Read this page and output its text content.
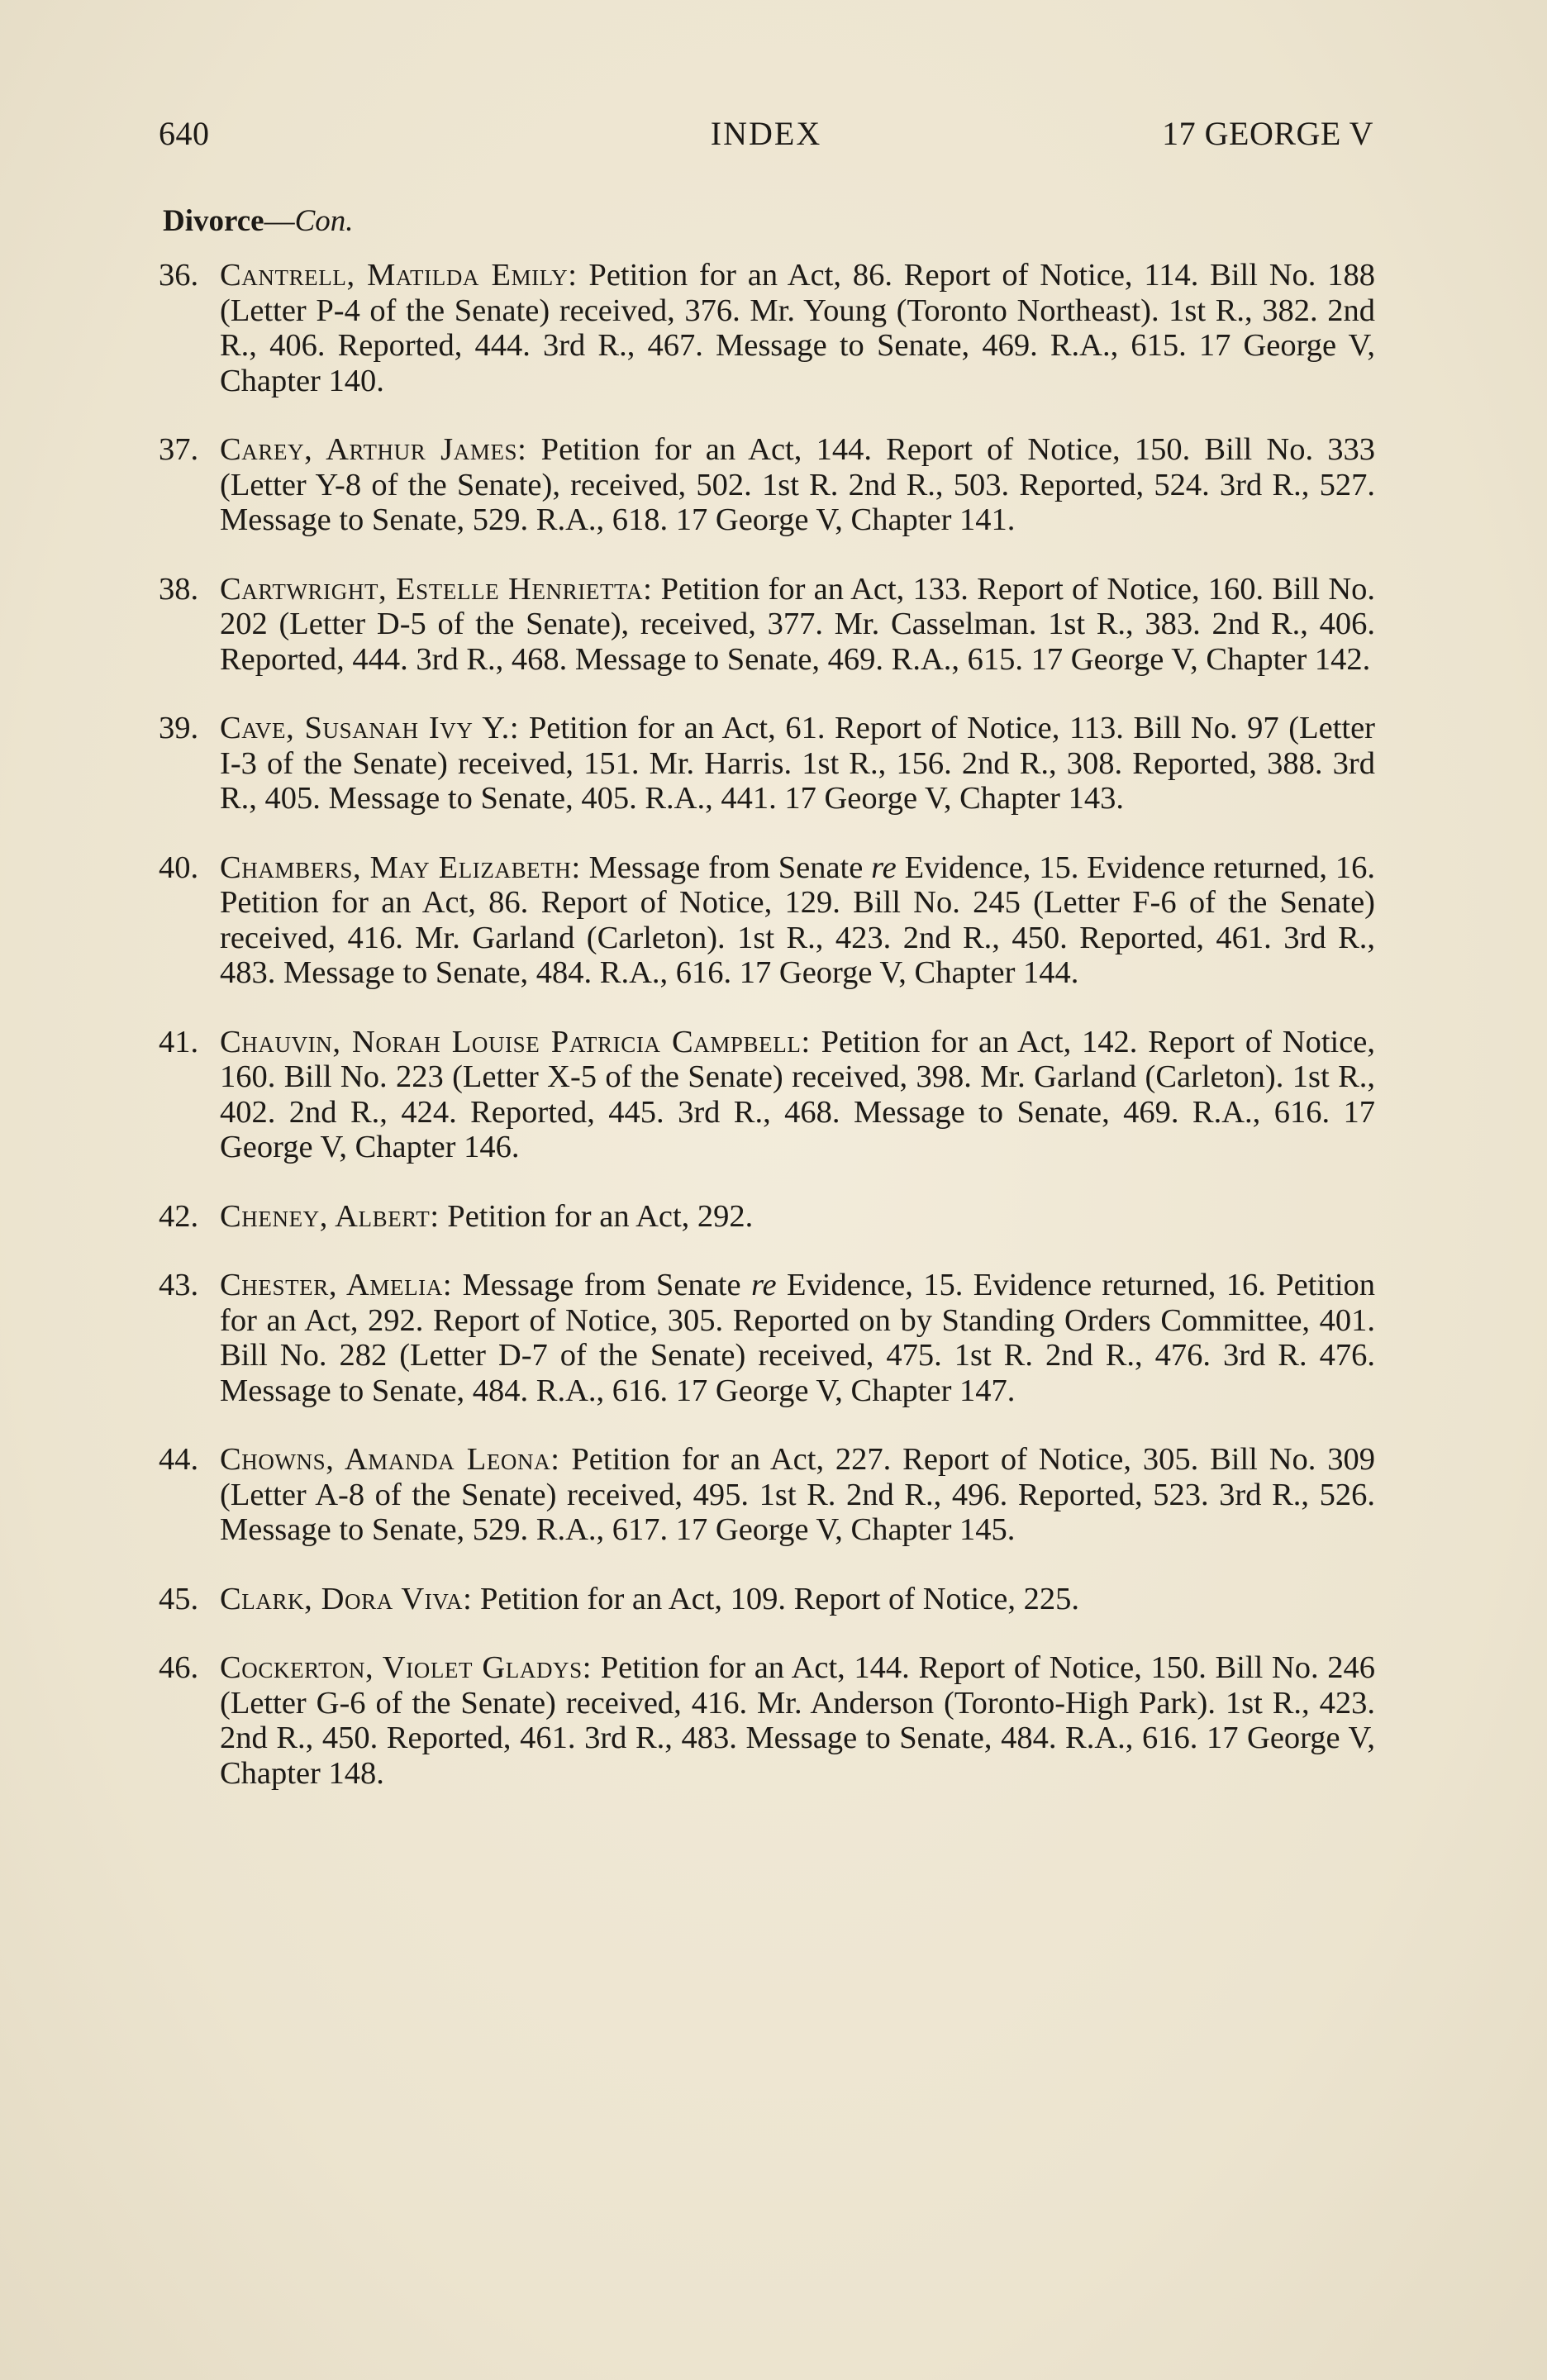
640	INDEX	17 GEORGE V
Divorce—Con.
36. Cantrell, Matilda Emily: Petition for an Act, 86. Report of Notice, 114. Bill No. 188 (Letter P-4 of the Senate) received, 376. Mr. Young (Toronto Northeast). 1st R., 382. 2nd R., 406. Reported, 444. 3rd R., 467. Message to Senate, 469. R.A., 615. 17 George V, Chapter 140.
37. Carey, Arthur James: Petition for an Act, 144. Report of Notice, 150. Bill No. 333 (Letter Y-8 of the Senate), received, 502. 1st R. 2nd R., 503. Reported, 524. 3rd R., 527. Message to Senate, 529. R.A., 618. 17 George V, Chapter 141.
38. Cartwright, Estelle Henrietta: Petition for an Act, 133. Report of Notice, 160. Bill No. 202 (Letter D-5 of the Senate), received, 377. Mr. Casselman. 1st R., 383. 2nd R., 406. Reported, 444. 3rd R., 468. Message to Senate, 469. R.A., 615. 17 George V, Chapter 142.
39. Cave, Susanah Ivy Y.: Petition for an Act, 61. Report of Notice, 113. Bill No. 97 (Letter I-3 of the Senate) received, 151. Mr. Harris. 1st R., 156. 2nd R., 308. Reported, 388. 3rd R., 405. Message to Senate, 405. R.A., 441. 17 George V, Chapter 143.
40. Chambers, May Elizabeth: Message from Senate re Evidence, 15. Evidence returned, 16. Petition for an Act, 86. Report of Notice, 129. Bill No. 245 (Letter F-6 of the Senate) received, 416. Mr. Garland (Carleton). 1st R., 423. 2nd R., 450. Reported, 461. 3rd R., 483. Message to Senate, 484. R.A., 616. 17 George V, Chapter 144.
41. Chauvin, Norah Louise Patricia Campbell: Petition for an Act, 142. Report of Notice, 160. Bill No. 223 (Letter X-5 of the Senate) received, 398. Mr. Garland (Carleton). 1st R., 402. 2nd R., 424. Reported, 445. 3rd R., 468. Message to Senate, 469. R.A., 616. 17 George V, Chapter 146.
42. Cheney, Albert: Petition for an Act, 292.
43. Chester, Amelia: Message from Senate re Evidence, 15. Evidence returned, 16. Petition for an Act, 292. Report of Notice, 305. Reported on by Standing Orders Committee, 401. Bill No. 282 (Letter D-7 of the Senate) received, 475. 1st R. 2nd R., 476. 3rd R. 476. Message to Senate, 484. R.A., 616. 17 George V, Chapter 147.
44. Chowns, Amanda Leona: Petition for an Act, 227. Report of Notice, 305. Bill No. 309 (Letter A-8 of the Senate) received, 495. 1st R. 2nd R., 496. Reported, 523. 3rd R., 526. Message to Senate, 529. R.A., 617. 17 George V, Chapter 145.
45. Clark, Dora Viva: Petition for an Act, 109. Report of Notice, 225.
46. Cockerton, Violet Gladys: Petition for an Act, 144. Report of Notice, 150. Bill No. 246 (Letter G-6 of the Senate) received, 416. Mr. Anderson (Toronto-High Park). 1st R., 423. 2nd R., 450. Reported, 461. 3rd R., 483. Message to Senate, 484. R.A., 616. 17 George V, Chapter 148.
